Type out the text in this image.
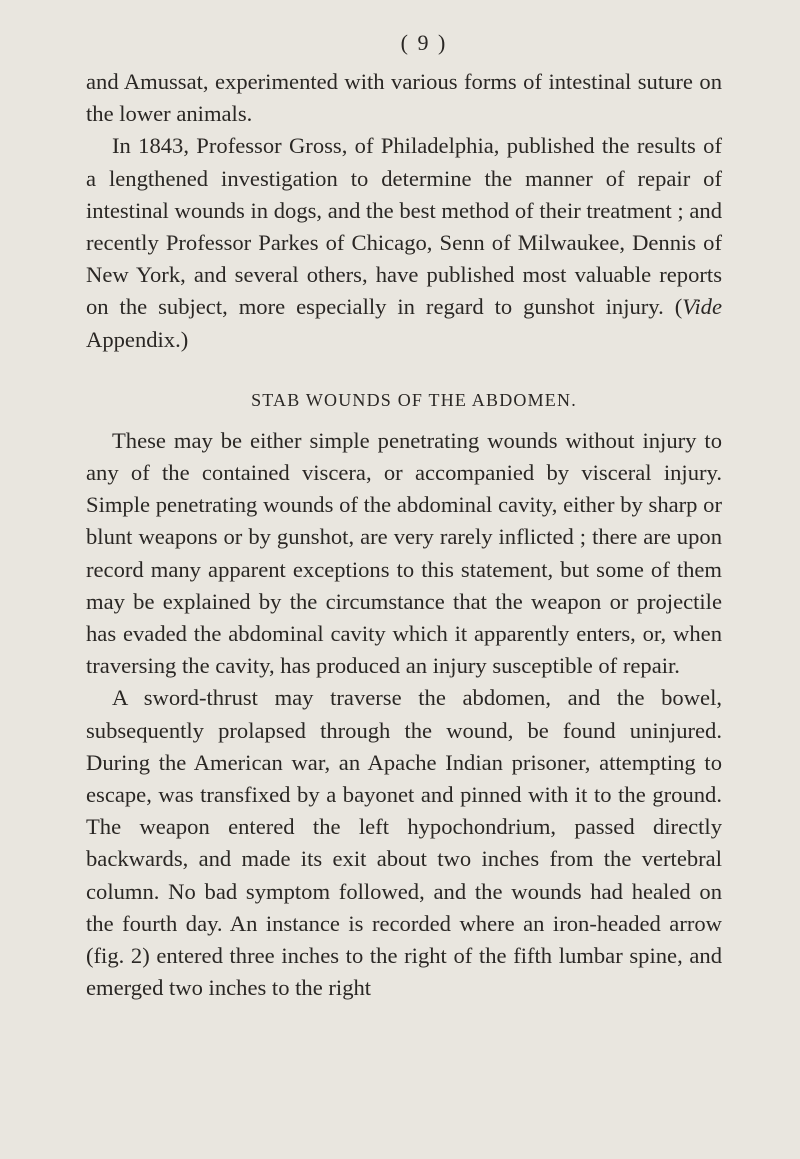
( 9 )

and Amussat, experimented with various forms of intestinal suture on the lower animals.

In 1843, Professor Gross, of Philadelphia, published the results of a lengthened investigation to determine the manner of repair of intestinal wounds in dogs, and the best method of their treatment ; and recently Professor Parkes of Chicago, Senn of Milwaukee, Dennis of New York, and several others, have published most valuable reports on the subject, more especially in regard to gunshot injury. (Vide Appendix.)

STAB WOUNDS OF THE ABDOMEN.

These may be either simple penetrating wounds without injury to any of the contained viscera, or accompanied by visceral injury. Simple penetrating wounds of the abdominal cavity, either by sharp or blunt weapons or by gunshot, are very rarely inflicted ; there are upon record many apparent exceptions to this statement, but some of them may be explained by the circumstance that the weapon or projectile has evaded the abdominal cavity which it apparently enters, or, when traversing the cavity, has produced an injury susceptible of repair.

A sword-thrust may traverse the abdomen, and the bowel, subsequently prolapsed through the wound, be found uninjured. During the American war, an Apache Indian prisoner, attempting to escape, was transfixed by a bayonet and pinned with it to the ground. The weapon entered the left hypochondrium, passed directly backwards, and made its exit about two inches from the vertebral column. No bad symptom followed, and the wounds had healed on the fourth day. An instance is recorded where an iron-headed arrow (fig. 2) entered three inches to the right of the fifth lumbar spine, and emerged two inches to the right
